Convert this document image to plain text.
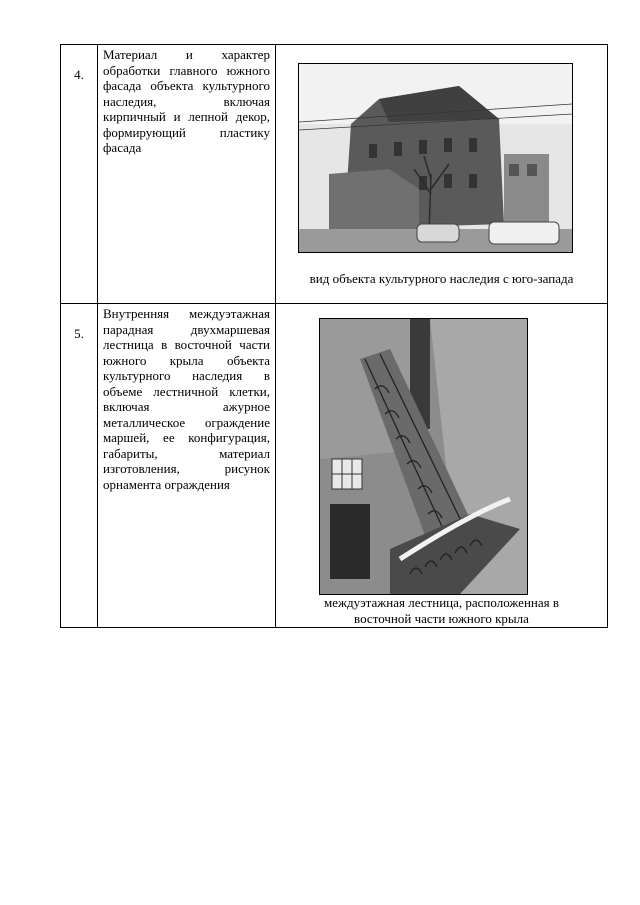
4.	Материал и характер обработки главного южного фасада объекта культурного наследия, включая кирпичный и лепной декор, формирующий пластику фасада	вид объекта культурного наследия с юго-запада

5.	Внутренняя междуэтажная парадная двухмаршевая лестница в восточной части южного крыла объекта культурного наследия в объеме лестничной клетки, включая ажурное металлическое ограждение маршей, ее конфигурация, габариты, материал изготовления, рисунок орнамента ограждения	междуэтажная лестница, расположенная в
восточной части южного крыла
